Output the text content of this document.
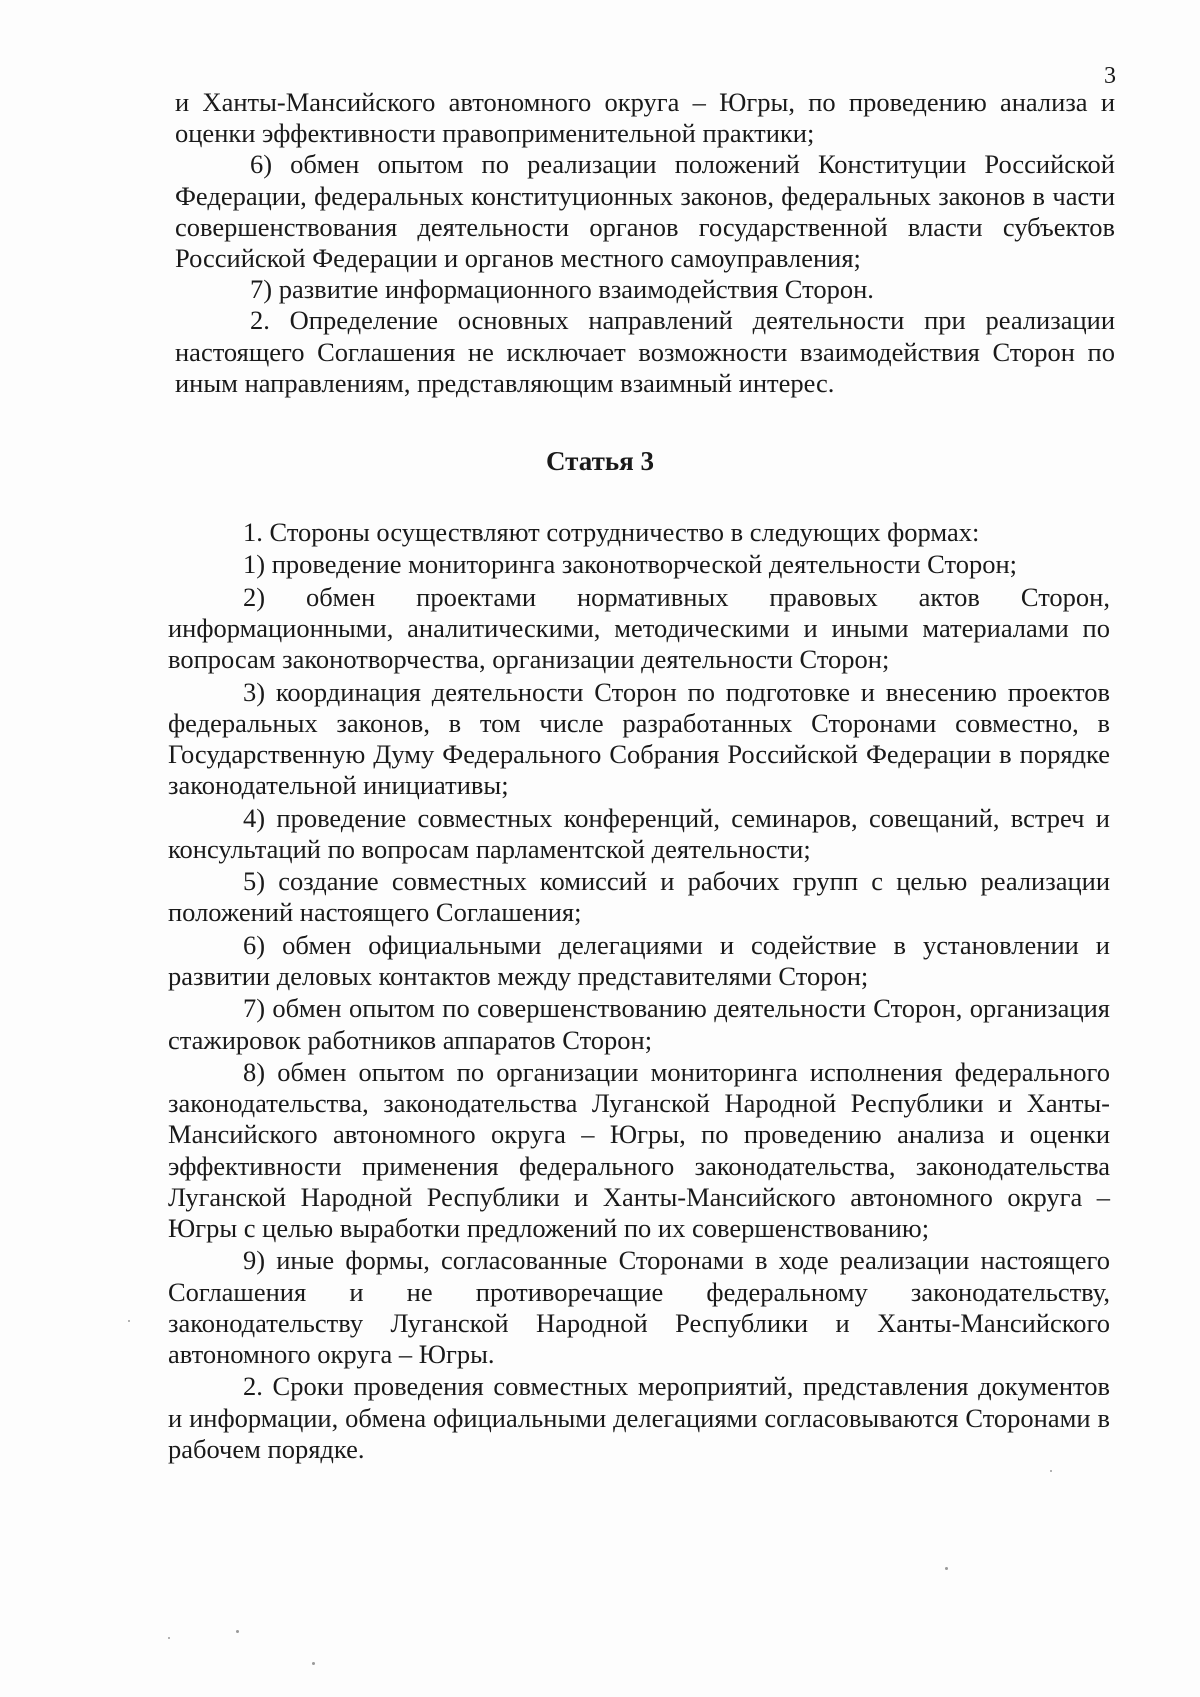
3

и Ханты-Мансийского автономного округа – Югры, по проведению анализа и оценки эффективности правоприменительной практики;

6) обмен опытом по реализации положений Конституции Российской Федерации, федеральных конституционных законов, федеральных законов в части совершенствования деятельности органов государственной власти субъектов Российской Федерации и органов местного самоуправления;

7) развитие информационного взаимодействия Сторон.

2. Определение основных направлений деятельности при реализации настоящего Соглашения не исключает возможности взаимодействия Сторон по иным направлениям, представляющим взаимный интерес.

Статья 3

1. Стороны осуществляют сотрудничество в следующих формах:

1) проведение мониторинга законотворческой деятельности Сторон;

2) обмен проектами нормативных правовых актов Сторон, информационными, аналитическими, методическими и иными материалами по вопросам законотворчества, организации деятельности Сторон;

3) координация деятельности Сторон по подготовке и внесению проектов федеральных законов, в том числе разработанных Сторонами совместно, в Государственную Думу Федерального Собрания Российской Федерации в порядке законодательной инициативы;

4) проведение совместных конференций, семинаров, совещаний, встреч и консультаций по вопросам парламентской деятельности;

5) создание совместных комиссий и рабочих групп с целью реализации положений настоящего Соглашения;

6) обмен официальными делегациями и содействие в установлении и развитии деловых контактов между представителями Сторон;

7) обмен опытом по совершенствованию деятельности Сторон, организация стажировок работников аппаратов Сторон;

8) обмен опытом по организации мониторинга исполнения федерального законодательства, законодательства Луганской Народной Республики и Ханты-Мансийского автономного округа – Югры, по проведению анализа и оценки эффективности применения федерального законодательства, законодательства Луганской Народной Республики и Ханты-Мансийского автономного округа – Югры с целью выработки предложений по их совершенствованию;

9) иные формы, согласованные Сторонами в ходе реализации настоящего Соглашения и не противоречащие федеральному законодательству, законодательству Луганской Народной Республики и Ханты-Мансийского автономного округа – Югры.

2. Сроки проведения совместных мероприятий, представления документов и информации, обмена официальными делегациями согласовываются Сторонами в рабочем порядке.
